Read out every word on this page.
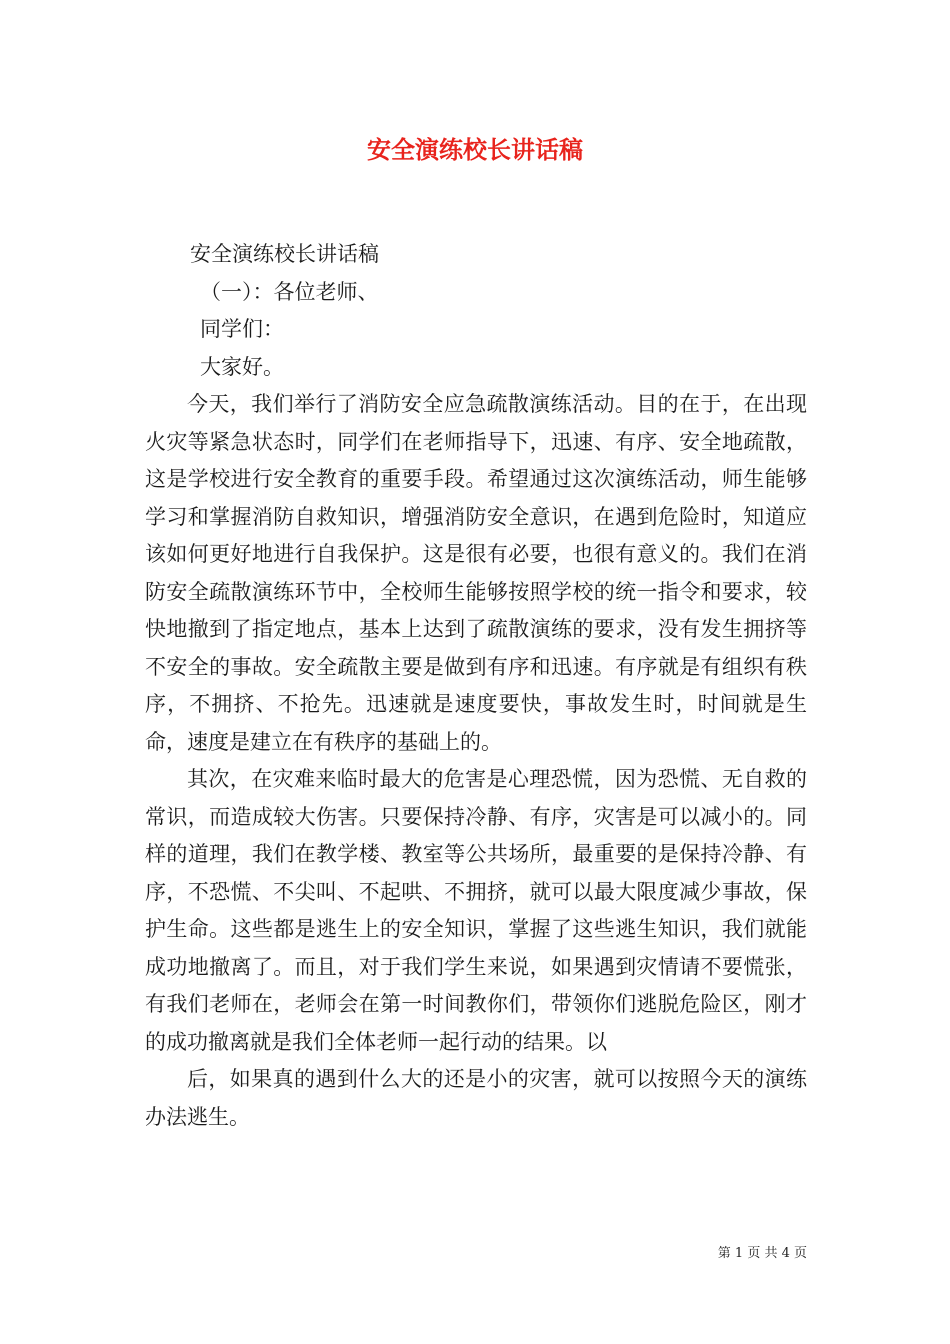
安全演练校长讲话稿
安全演练校长讲话稿
（一）：各位老师、
同学们：
大家好。

今天，我们举行了消防安全应急疏散演练活动。目的在于，在出现火灾等紧急状态时，同学们在老师指导下，迅速、有序、安全地疏散，这是学校进行安全教育的重要手段。希望通过这次演练活动，师生能够学习和掌握消防自救知识，增强消防安全意识，在遇到危险时，知道应该如何更好地进行自我保护。这是很有必要，也很有意义的。我们在消防安全疏散演练环节中，全校师生能够按照学校的统一指令和要求，较快地撤到了指定地点，基本上达到了疏散演练的要求，没有发生拥挤等不安全的事故。安全疏散主要是做到有序和迅速。有序就是有组织有秩序，不拥挤、不抢先。迅速就是速度要快，事故发生时，时间就是生命，速度是建立在有秩序的基础上的。

其次，在灾难来临时最大的危害是心理恐慌，因为恐慌、无自救的常识，而造成较大伤害。只要保持冷静、有序，灾害是可以减小的。同样的道理，我们在教学楼、教室等公共场所，最重要的是保持冷静、有序，不恐慌、不尖叫、不起哄、不拥挤，就可以最大限度减少事故，保护生命。这些都是逃生上的安全知识，掌握了这些逃生知识，我们就能成功地撤离了。而且，对于我们学生来说，如果遇到灾情请不要慌张，有我们老师在，老师会在第一时间教你们，带领你们逃脱危险区，刚才的成功撤离就是我们全体老师一起行动的结果。以

后，如果真的遇到什么大的还是小的灾害，就可以按照今天的演练办法逃生。

第 1 页 共 4 页
